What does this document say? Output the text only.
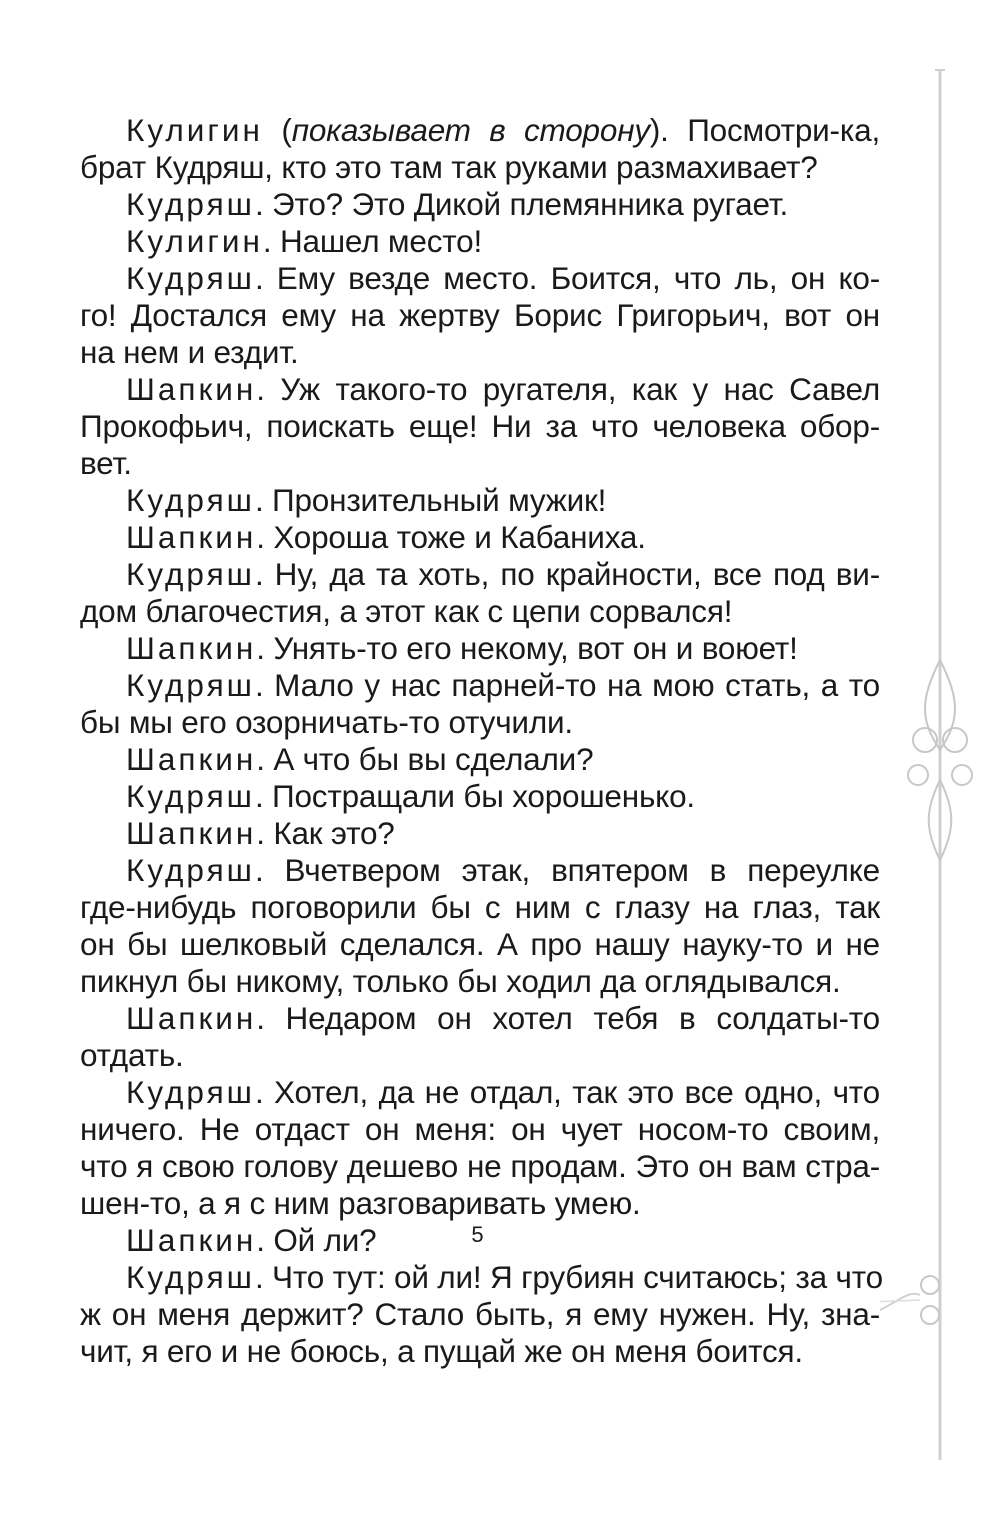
Кулигин (показывает в сторону). Посмотри-ка,
брат Кудряш, кто это там так руками размахивает?
Кудряш. Это? Это Дикой племянника ругает.
Кулигин. Нашел место!
Кудряш. Ему везде место. Боится, что ль, он ко-
го! Достался ему на жертву Борис Григорьич, вот он
на нем и ездит.
Шапкин. Уж такого-то ругателя, как у нас Савел
Прокофьич, поискать еще! Ни за что человека обор-
вет.
Кудряш. Пронзительный мужик!
Шапкин. Хороша тоже и Кабаниха.
Кудряш. Ну, да та хоть, по крайности, все под ви-
дом благочестия, а этот как с цепи сорвался!
Шапкин. Унять-то его некому, вот он и воюет!
Кудряш. Мало у нас парней-то на мою стать, а то
бы мы его озорничать-то отучили.
Шапкин. А что бы вы сделали?
Кудряш. Постращали бы хорошенько.
Шапкин. Как это?
Кудряш. Вчетвером этак, впятером в переулке
где-нибудь поговорили бы с ним с глазу на глаз, так
он бы шелковый сделался. А про нашу науку-то и не
пикнул бы никому, только бы ходил да оглядывался.
Шапкин. Недаром он хотел тебя в солдаты-то
отдать.
Кудряш. Хотел, да не отдал, так это все одно, что
ничего. Не отдаст он меня: он чует носом-то своим,
что я свою голову дешево не продам. Это он вам стра-
шен-то, а я с ним разговаривать умею.
Шапкин. Ой ли?
Кудряш. Что тут: ой ли! Я грубиян считаюсь; за что
ж он меня держит? Стало быть, я ему нужен. Ну, зна-
чит, я его и не боюсь, а пущай же он меня боится.
5
